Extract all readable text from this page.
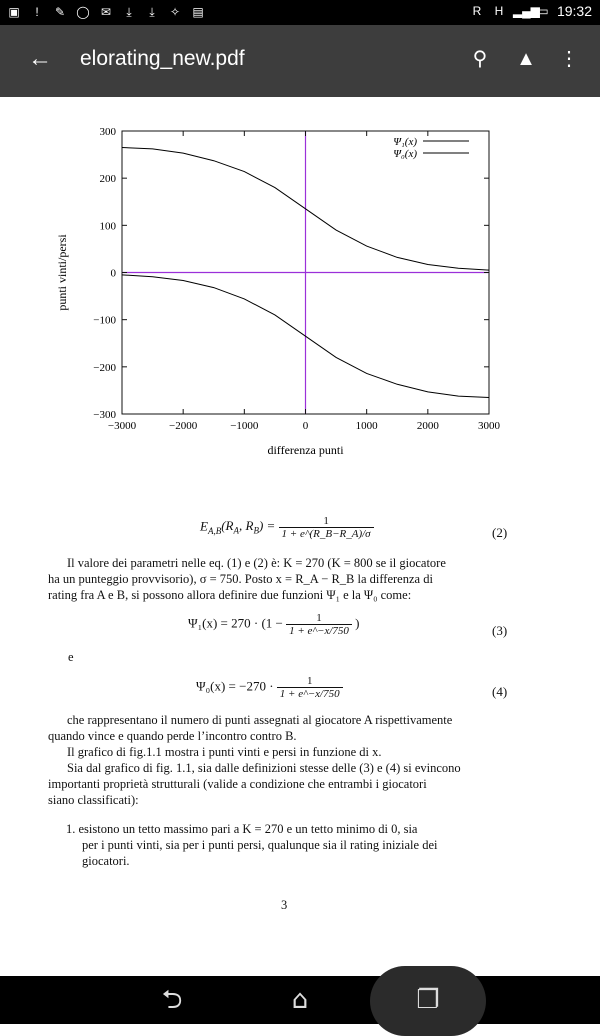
▣	!	✎ ◯ ✉	⤓	⤓	✧ ▤	R	H ▂▄▆
▭ 19:32
← elorating_new.pdf	⚲ ▲ ⋮
−3000	−2000	−1000	0	1000	2000	3000
300
200
100
0
−100
−200
−300
differenza punti
punti vinti/persi
Ψ₁(x)
Ψ₀(x)
$E_{A,B}(R_A$, $R_B) = \frac{1}{1 + e\^{}(R\_B-R\_A)/\sigma}$	(2)
Il valore dei parametri nelle eq. (1) e (2) è: K = 270 (K = 800 se il giocatore
ha un punteggio provvisorio), σ = 750. Posto x = R_A − R_B la differenza di
rating fra A e B, si possono allora definire due funzioni Ψ₁ e la Ψ₀ come:
$\Psi_1(x) = 270 \cdot (1 - \frac{1}{1 + e\^{}-x/750}$ )
(3)
e
$\Psi_0(x) = -270 \cdot \frac{1}{1 + e\^{}-x/750}$	(4)
che rappresentano il numero di punti assegnati al giocatore A rispettivamente
quando vince e quando perde l’incontro contro B.
Il grafico di fig.1.1 mostra i punti vinti e persi in funzione di x.
Sia dal grafico di fig. 1.1, sia dalle definizioni stesse delle (3) e (4) si evincono
importanti proprietà strutturali (valide a condizione che entrambi i giocatori
siano classificati):
1. esistono un tetto massimo pari a K = 270 e un tetto minimo di 0, sia
per i punti vinti, sia per i punti persi, qualunque sia il rating iniziale dei
giocatori.
3
⮌	⌂	❐
